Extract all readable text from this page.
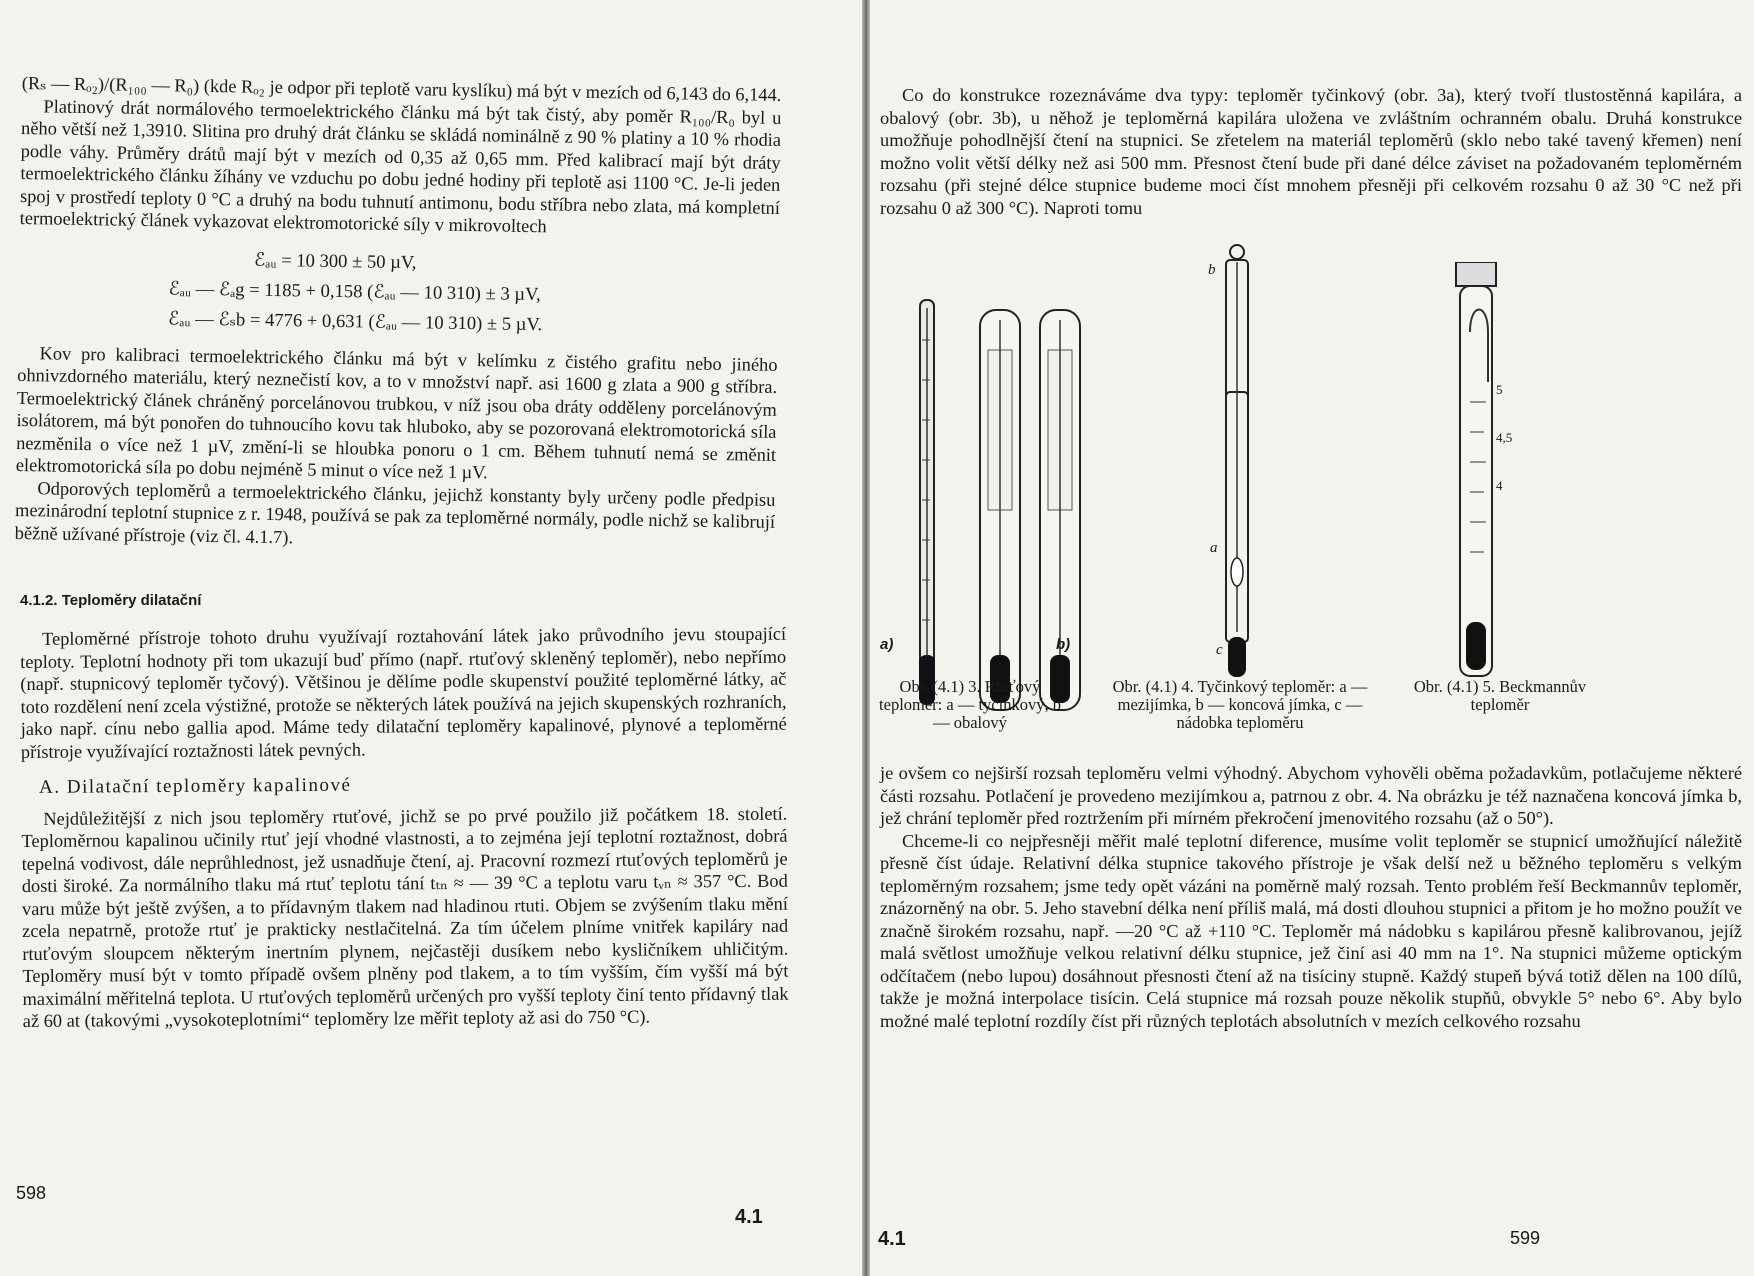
(Rₛ — Rₒ₂)/(R₁₀₀ — R₀) (kde Rₒ₂ je odpor při teplotě varu kyslíku) má být v mezích od 6,143 do 6,144.

Platinový drát normálového termoelektrického článku má být tak čistý, aby poměr R₁₀₀/R₀ byl u něho větší než 1,3910. Slitina pro druhý drát článku se skládá nominálně z 90 % platiny a 10 % rhodia podle váhy. Průměry drátů mají být v mezích od 0,35 až 0,65 mm. Před kalibrací mají být dráty termoelektrického článku žíhány ve vzduchu po dobu jedné hodiny při teplotě asi 1100 °C. Je-li jeden spoj v prostředí teploty 0 °C a druhý na bodu tuhnutí antimonu, bodu stříbra nebo zlata, má kompletní termoelektrický článek vykazovat elektromotorické síly v mikrovoltech

ℰₐᵤ = 10 300 ± 50 µV,
ℰₐᵤ — ℰₐg = 1185 + 0,158 (ℰₐᵤ — 10 310) ± 3 µV,
ℰₐᵤ — ℰₛb = 4776 + 0,631 (ℰₐᵤ — 10 310) ± 5 µV.

Kov pro kalibraci termoelektrického článku má být v kelímku z čistého grafitu nebo jiného ohnivzdorného materiálu, který neznečistí kov, a to v množství např. asi 1600 g zlata a 900 g stříbra. Termoelektrický článek chráněný porcelánovou trubkou, v níž jsou oba dráty odděleny porcelánovým isolátorem, má být ponořen do tuhnoucího kovu tak hluboko, aby se pozorovaná elektromotorická síla nezměnila o více než 1 µV, změní-li se hloubka ponoru o 1 cm. Během tuhnutí nemá se změnit elektromotorická síla po dobu nejméně 5 minut o více než 1 µV.

Odporových teploměrů a termoelektrického článku, jejichž konstanty byly určeny podle předpisu mezinárodní teplotní stupnice z r. 1948, používá se pak za teploměrné normály, podle nichž se kalibrují běžně užívané přístroje (viz čl. 4.1.7).

4.1.2. Teploměry dilatační

Teploměrné přístroje tohoto druhu využívají roztahování látek jako průvodního jevu stoupající teploty. Teplotní hodnoty při tom ukazují buď přímo (např. rtuťový skleněný teploměr), nebo nepřímo (např. stupnicový teploměr tyčový). Většinou je dělíme podle skupenství použité teploměrné látky, ač toto rozdělení není zcela výstižné, protože se některých látek používá na jejich skupenských rozhraních, jako např. cínu nebo gallia apod. Máme tedy dilatační teploměry kapalinové, plynové a teploměrné přístroje využívající roztažnosti látek pevných.

A. Dilatační teploměry kapalinové

Nejdůležitější z nich jsou teploměry rtuťové, jichž se po prvé použilo již počátkem 18. století. Teploměrnou kapalinou učinily rtuť její vhodné vlastnosti, a to zejména její teplotní roztažnost, dobrá tepelná vodivost, dále neprůhlednost, jež usnadňuje čtení, aj. Pracovní rozmezí rtuťových teploměrů je dosti široké. Za normálního tlaku má rtuť teplotu tání tₜₙ ≈ — 39 °C a teplotu varu tᵥₙ ≈ 357 °C. Bod varu může být ještě zvýšen, a to přídavným tlakem nad hladinou rtuti. Objem se zvýšením tlaku mění zcela nepatrně, protože rtuť je prakticky nestlačitelná. Za tím účelem plníme vnitřek kapiláry nad rtuťovým sloupcem některým inertním plynem, nejčastěji dusíkem nebo kysličníkem uhličitým. Teploměry musí být v tomto případě ovšem plněny pod tlakem, a to tím vyšším, čím vyšší má být maximální měřitelná teplota. U rtuťových teploměrů určených pro vyšší teploty činí tento přídavný tlak až 60 at (takovými „vysokoteplotními“ teploměry lze měřit teploty až asi do 750 °C).

598
4.1

Co do konstrukce rozeznáváme dva typy: teploměr tyčinkový (obr. 3a), který tvoří tlustostěnná kapilára, a obalový (obr. 3b), u něhož je teploměrná kapilára uložena ve zvláštním ochranném obalu. Druhá konstrukce umožňuje pohodlnější čtení na stupnici. Se zřetelem na materiál teploměrů (sklo nebo také tavený křemen) není možno volit větší délky než asi 500 mm. Přesnost čtení bude při dané délce záviset na požadovaném teploměrném rozsahu (při stejné délce stupnice budeme moci číst mnohem přesněji při celkovém rozsahu 0 až 30 °C než při rozsahu 0 až 300 °C). Naproti tomu

a)	b)
b
a
c
5
4,5
4
Obr. (4.1) 3. Rtuťový teploměr: a — tyčinkový, b — obalový
Obr. (4.1) 4. Tyčinkový teploměr: a — mezijímka, b — koncová jímka, c — nádobka teploměru
Obr. (4.1) 5. Beckmannův teploměr

je ovšem co nejširší rozsah teploměru velmi výhodný. Abychom vyhověli oběma požadavkům, potlačujeme některé části rozsahu. Potlačení je provedeno mezijímkou a, patrnou z obr. 4. Na obrázku je též naznačena koncová jímka b, jež chrání teploměr před roztržením při mírném překročení jmenovitého rozsahu (až o 50°).

Chceme-li co nejpřesněji měřit malé teplotní diference, musíme volit teploměr se stupnicí umožňující náležitě přesně číst údaje. Relativní délka stupnice takového přístroje je však delší než u běžného teploměru s velkým teploměrným rozsahem; jsme tedy opět vázáni na poměrně malý rozsah. Tento problém řeší Beckmannův teploměr, znázorněný na obr. 5. Jeho stavební délka není příliš malá, má dosti dlouhou stupnici a přitom je ho možno použít ve značně širokém rozsahu, např. —20 °C až +110 °C. Teploměr má nádobku s kapilárou přesně kalibrovanou, jejíž malá světlost umožňuje velkou relativní délku stupnice, jež činí asi 40 mm na 1°. Na stupnici můžeme optickým odčítačem (nebo lupou) dosáhnout přesnosti čtení až na tisíciny stupně. Každý stupeň bývá totiž dělen na 100 dílů, takže je možná interpolace tisícin. Celá stupnice má rozsah pouze několik stupňů, obvykle 5° nebo 6°. Aby bylo možné malé teplotní rozdíly číst při různých teplotách absolutních v mezích celkového rozsahu

4.1	599
